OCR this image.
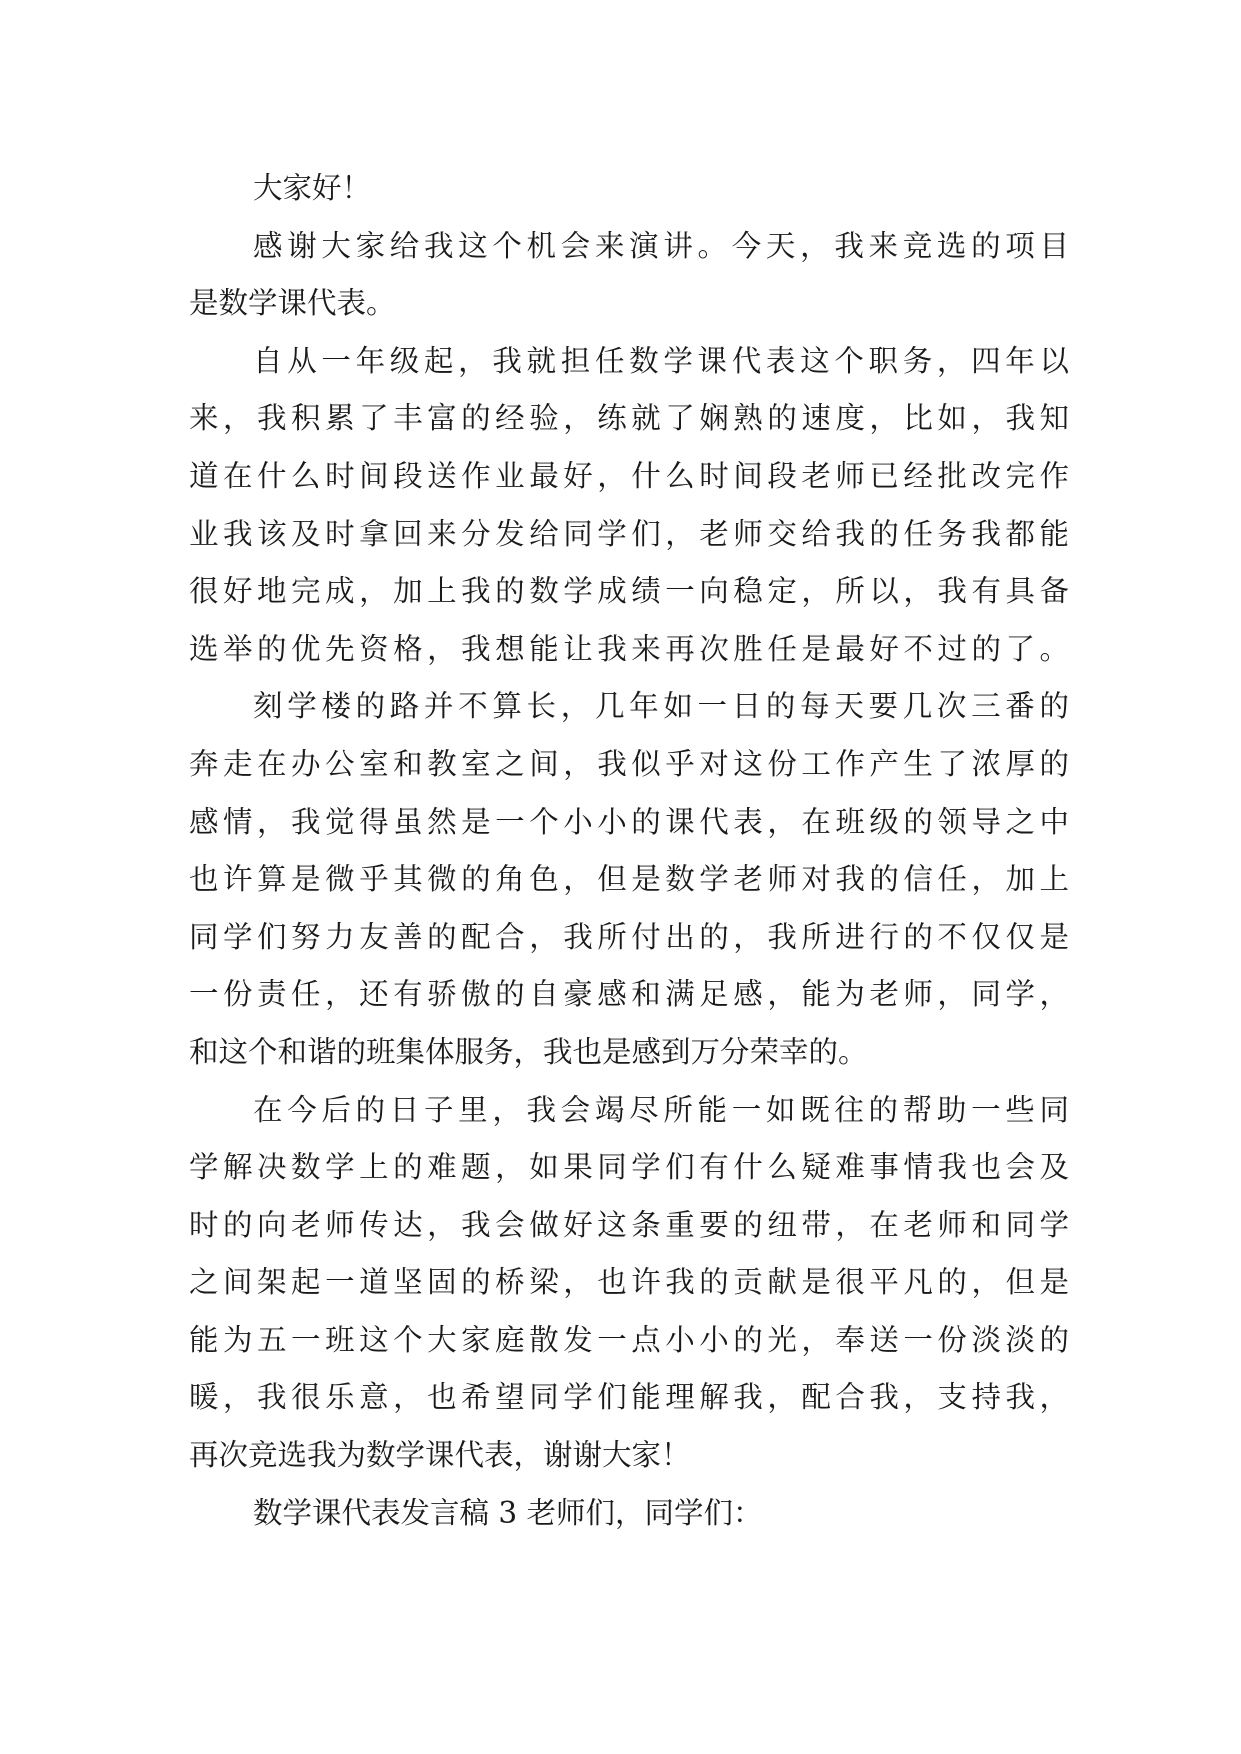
大家好！
感谢大家给我这个机会来演讲。今天，我来竞选的项目
是数学课代表。
自从一年级起，我就担任数学课代表这个职务，四年以
来，我积累了丰富的经验，练就了娴熟的速度，比如，我知
道在什么时间段送作业最好，什么时间段老师已经批改完作
业我该及时拿回来分发给同学们，老师交给我的任务我都能
很好地完成，加上我的数学成绩一向稳定，所以，我有具备
选举的优先资格，我想能让我来再次胜任是最好不过的了。
刻学楼的路并不算长，几年如一日的每天要几次三番的
奔走在办公室和教室之间，我似乎对这份工作产生了浓厚的
感情，我觉得虽然是一个小小的课代表，在班级的领导之中
也许算是微乎其微的角色，但是数学老师对我的信任，加上
同学们努力友善的配合，我所付出的，我所进行的不仅仅是
一份责任，还有骄傲的自豪感和满足感，能为老师，同学，
和这个和谐的班集体服务，我也是感到万分荣幸的。
在今后的日子里，我会竭尽所能一如既往的帮助一些同
学解决数学上的难题，如果同学们有什么疑难事情我也会及
时的向老师传达，我会做好这条重要的纽带，在老师和同学
之间架起一道坚固的桥梁，也许我的贡献是很平凡的，但是
能为五一班这个大家庭散发一点小小的光，奉送一份淡淡的
暖，我很乐意，也希望同学们能理解我，配合我，支持我，
再次竞选我为数学课代表，谢谢大家！
数学课代表发言稿 3 老师们，同学们：
